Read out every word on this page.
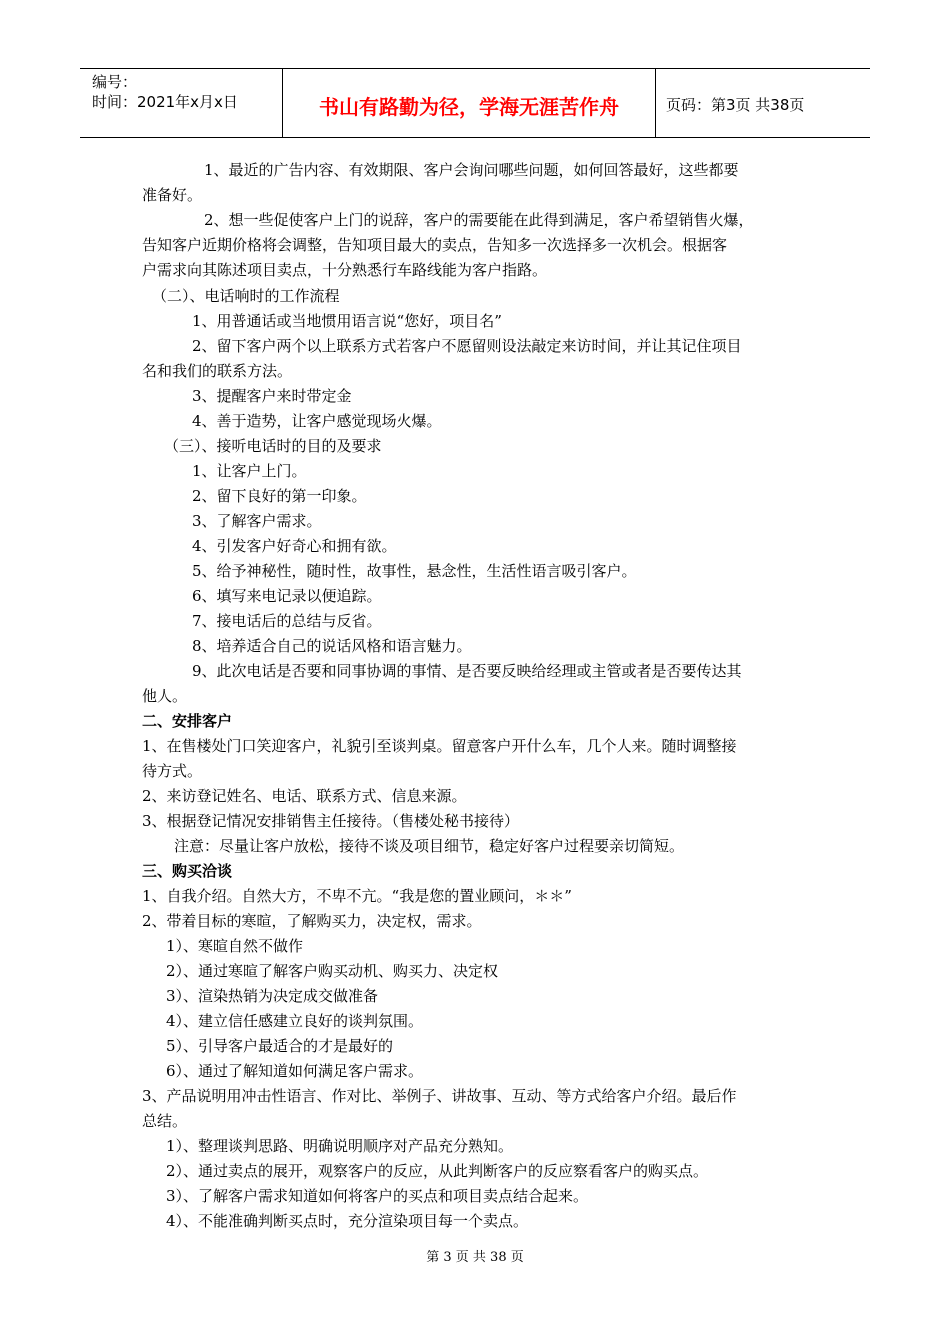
编号：
时间：2021年x月x日	书山有路勤为径，学海无涯苦作舟	页码：第3页 共38页
1、最近的广告内容、有效期限、客户会询问哪些问题，如何回答最好，这些都要
准备好。
2、想一些促使客户上门的说辞，客户的需要能在此得到满足，客户希望销售火爆，
告知客户近期价格将会调整，告知项目最大的卖点，告知多一次选择多一次机会。根据客
户需求向其陈述项目卖点，十分熟悉行车路线能为客户指路。
（二）、电话响时的工作流程
1、用普通话或当地惯用语言说“您好，项目名”
2、留下客户两个以上联系方式若客户不愿留则设法敲定来访时间，并让其记住项目
名和我们的联系方法。
3、提醒客户来时带定金
4、善于造势，让客户感觉现场火爆。
（三）、接听电话时的目的及要求
1、让客户上门。
2、留下良好的第一印象。
3、了解客户需求。
4、引发客户好奇心和拥有欲。
5、给予神秘性，随时性，故事性，悬念性，生活性语言吸引客户。
6、填写来电记录以便追踪。
7、接电话后的总结与反省。
8、培养适合自己的说话风格和语言魅力。
9、此次电话是否要和同事协调的事情、是否要反映给经理或主管或者是否要传达其
他人。
二、安排客户
1、在售楼处门口笑迎客户，礼貌引至谈判桌。留意客户开什么车，几个人来。随时调整接
待方式。
2、来访登记姓名、电话、联系方式、信息来源。
3、根据登记情况安排销售主任接待。（售楼处秘书接待）
注意：尽量让客户放松，接待不谈及项目细节，稳定好客户过程要亲切简短。
三、购买洽谈
1、自我介绍。自然大方，不卑不亢。“我是您的置业顾问，＊＊”
2、带着目标的寒暄，了解购买力，决定权，需求。
1）、寒暄自然不做作
2）、通过寒暄了解客户购买动机、购买力、决定权
3）、渲染热销为决定成交做准备
4）、建立信任感建立良好的谈判氛围。
5）、引导客户最适合的才是最好的
6）、通过了解知道如何满足客户需求。
3、产品说明用冲击性语言、作对比、举例子、讲故事、互动、等方式给客户介绍。最后作
总结。
1）、整理谈判思路、明确说明顺序对产品充分熟知。
2）、通过卖点的展开，观察客户的反应，从此判断客户的反应察看客户的购买点。
3）、了解客户需求知道如何将客户的买点和项目卖点结合起来。
4）、不能准确判断买点时，充分渲染项目每一个卖点。
第 3 页 共 38 页
